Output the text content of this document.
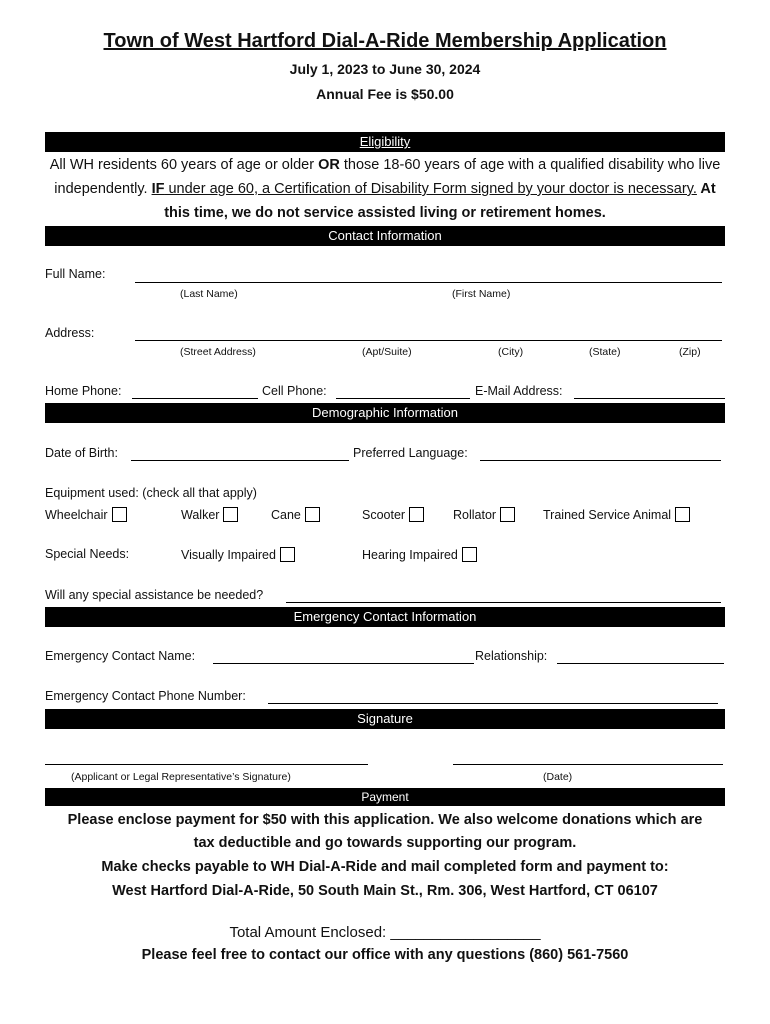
Town of West Hartford Dial-A-Ride Membership Application
July 1, 2023 to June 30, 2024
Annual Fee is $50.00
Eligibility
All WH residents 60 years of age or older OR those 18-60 years of age with a qualified disability who live independently. IF under age 60, a Certification of Disability Form signed by your doctor is necessary. At this time, we do not service assisted living or retirement homes.
Contact Information
Full Name:
(Last Name)	(First Name)
Address:
(Street Address)	(Apt/Suite)	(City)	(State)	(Zip)
Home Phone:	Cell Phone:	E-Mail Address:
Demographic Information
Date of Birth:	Preferred Language:
Equipment used: (check all that apply)
Wheelchair	Walker	Cane	Scooter	Rollator	Trained Service Animal
Special Needs:	Visually Impaired	Hearing Impaired
Will any special assistance be needed?
Emergency Contact Information
Emergency Contact Name:	Relationship:
Emergency Contact Phone Number:
Signature
(Applicant or Legal Representative’s Signature)	(Date)
Payment
Please enclose payment for $50 with this application. We also welcome donations which are
tax deductible and go towards supporting our program.
Make checks payable to WH Dial-A-Ride and mail completed form and payment to:
West Hartford Dial-A-Ride, 50 South Main St., Rm. 306, West Hartford, CT 06107
Total Amount Enclosed: __________________
Please feel free to contact our office with any questions (860) 561-7560
